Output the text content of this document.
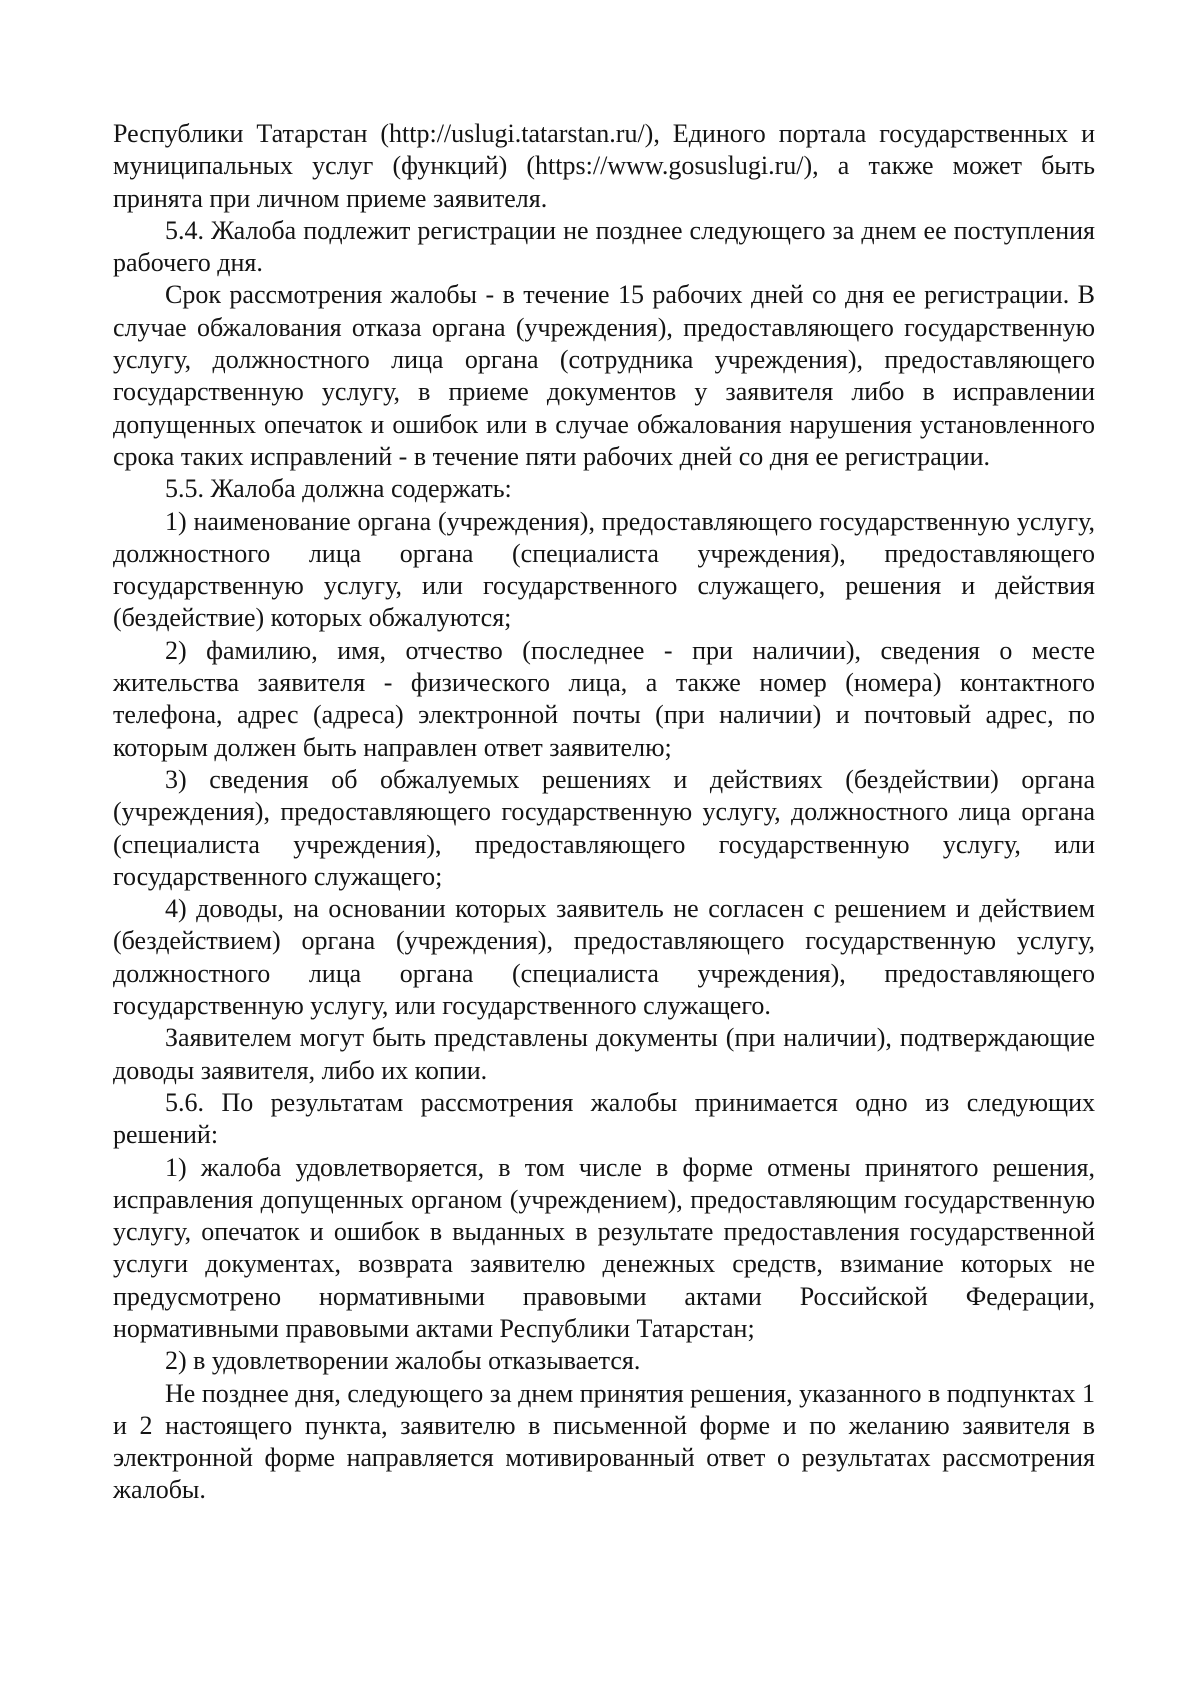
Республики Татарстан (http://uslugi.tatarstan.ru/), Единого портала государственных и муниципальных услуг (функций) (https://www.gosuslugi.ru/), а также может быть принята при личном приеме заявителя.

5.4. Жалоба подлежит регистрации не позднее следующего за днем ее поступления рабочего дня.

Срок рассмотрения жалобы - в течение 15 рабочих дней со дня ее регистрации. В случае обжалования отказа органа (учреждения), предоставляющего государственную услугу, должностного лица органа (сотрудника учреждения), предоставляющего государственную услугу, в приеме документов у заявителя либо в исправлении допущенных опечаток и ошибок или в случае обжалования нарушения установленного срока таких исправлений - в течение пяти рабочих дней со дня ее регистрации.

5.5. Жалоба должна содержать:

1) наименование органа (учреждения), предоставляющего государственную услугу, должностного лица органа (специалиста учреждения), предоставляющего государственную услугу, или государственного служащего, решения и действия (бездействие) которых обжалуются;

2) фамилию, имя, отчество (последнее - при наличии), сведения о месте жительства заявителя - физического лица, а также номер (номера) контактного телефона, адрес (адреса) электронной почты (при наличии) и почтовый адрес, по которым должен быть направлен ответ заявителю;

3) сведения об обжалуемых решениях и действиях (бездействии) органа (учреждения), предоставляющего государственную услугу, должностного лица органа (специалиста учреждения), предоставляющего государственную услугу, или государственного служащего;

4) доводы, на основании которых заявитель не согласен с решением и действием (бездействием) органа (учреждения), предоставляющего государственную услугу, должностного лица органа (специалиста учреждения), предоставляющего государственную услугу, или государственного служащего.

Заявителем могут быть представлены документы (при наличии), подтверждающие доводы заявителя, либо их копии.

5.6. По результатам рассмотрения жалобы принимается одно из следующих решений:

1) жалоба удовлетворяется, в том числе в форме отмены принятого решения, исправления допущенных органом (учреждением), предоставляющим государственную услугу, опечаток и ошибок в выданных в результате предоставления государственной услуги документах, возврата заявителю денежных средств, взимание которых не предусмотрено нормативными правовыми актами Российской Федерации, нормативными правовыми актами Республики Татарстан;

2) в удовлетворении жалобы отказывается.

Не позднее дня, следующего за днем принятия решения, указанного в подпунктах 1 и 2 настоящего пункта, заявителю в письменной форме и по желанию заявителя в электронной форме направляется мотивированный ответ о результатах рассмотрения жалобы.
